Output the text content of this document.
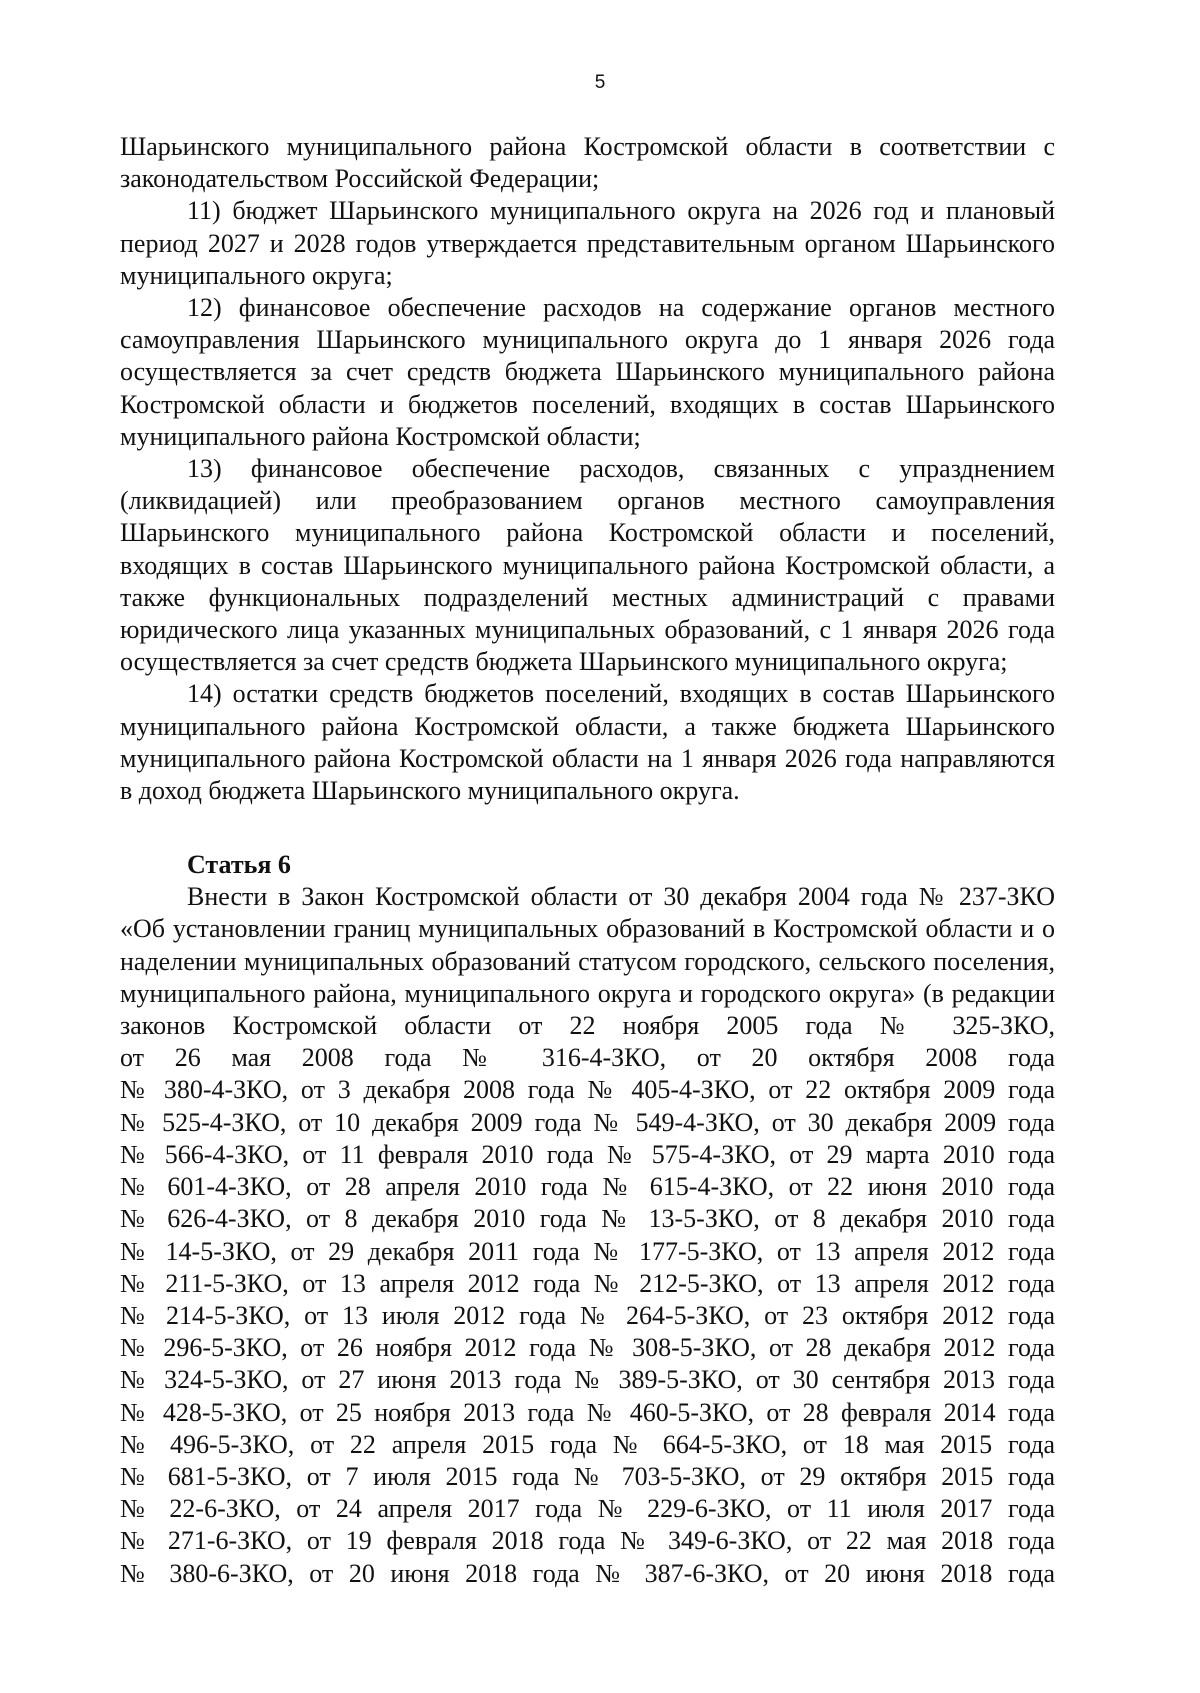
5

Шарьинского муниципального района Костромской области в соответствии с законодательством Российской Федерации;

11) бюджет Шарьинского муниципального округа на 2026 год и плановый период 2027 и 2028 годов утверждается представительным органом Шарьинского муниципального округа;

12) финансовое обеспечение расходов на содержание органов местного самоуправления Шарьинского муниципального округа до 1 января 2026 года осуществляется за счет средств бюджета Шарьинского муниципального района Костромской области и бюджетов поселений, входящих в состав Шарьинского муниципального района Костромской области;

13) финансовое обеспечение расходов, связанных с упразднением (ликвидацией) или преобразованием органов местного самоуправления Шарьинского муниципального района Костромской области и поселений, входящих в состав Шарьинского муниципального района Костромской области, а также функциональных подразделений местных администраций с правами юридического лица указанных муниципальных образований, с 1 января 2026 года осуществляется за счет средств бюджета Шарьинского муниципального округа;

14) остатки средств бюджетов поселений, входящих в состав Шарьинского муниципального района Костромской области, а также бюджета Шарьинского муниципального района Костромской области на 1 января 2026 года направляются в доход бюджета Шарьинского муниципального округа.

Статья 6
Внести в Закон Костромской области от 30 декабря 2004 года № 237-ЗКО
«Об установлении границ муниципальных образований в Костромской области и о
наделении муниципальных образований статусом городского, сельского поселения,
муниципального района, муниципального округа и городского округа» (в редакции
законов Костромской области от 22 ноября 2005 года № 325-ЗКО,
от 26 мая 2008 года № 316-4-ЗКО, от 20 октября 2008 года
№ 380-4-ЗКО, от 3 декабря 2008 года № 405-4-ЗКО, от 22 октября 2009 года
№ 525-4-ЗКО, от 10 декабря 2009 года № 549-4-ЗКО, от 30 декабря 2009 года
№ 566-4-ЗКО, от 11 февраля 2010 года № 575-4-ЗКО, от 29 марта 2010 года
№ 601-4-ЗКО, от 28 апреля 2010 года № 615-4-ЗКО, от 22 июня 2010 года
№ 626-4-ЗКО, от 8 декабря 2010 года № 13-5-ЗКО, от 8 декабря 2010 года
№ 14-5-ЗКО, от 29 декабря 2011 года № 177-5-ЗКО, от 13 апреля 2012 года
№ 211-5-ЗКО, от 13 апреля 2012 года № 212-5-ЗКО, от 13 апреля 2012 года
№ 214-5-ЗКО, от 13 июля 2012 года № 264-5-ЗКО, от 23 октября 2012 года
№ 296-5-ЗКО, от 26 ноября 2012 года № 308-5-ЗКО, от 28 декабря 2012 года
№ 324-5-ЗКО, от 27 июня 2013 года № 389-5-ЗКО, от 30 сентября 2013 года
№ 428-5-ЗКО, от 25 ноября 2013 года № 460-5-ЗКО, от 28 февраля 2014 года
№ 496-5-ЗКО, от 22 апреля 2015 года № 664-5-ЗКО, от 18 мая 2015 года
№ 681-5-ЗКО, от 7 июля 2015 года № 703-5-ЗКО, от 29 октября 2015 года
№ 22-6-ЗКО, от 24 апреля 2017 года № 229-6-ЗКО, от 11 июля 2017 года
№ 271-6-ЗКО, от 19 февраля 2018 года № 349-6-ЗКО, от 22 мая 2018 года
№ 380-6-ЗКО, от 20 июня 2018 года № 387-6-ЗКО, от 20 июня 2018 года
